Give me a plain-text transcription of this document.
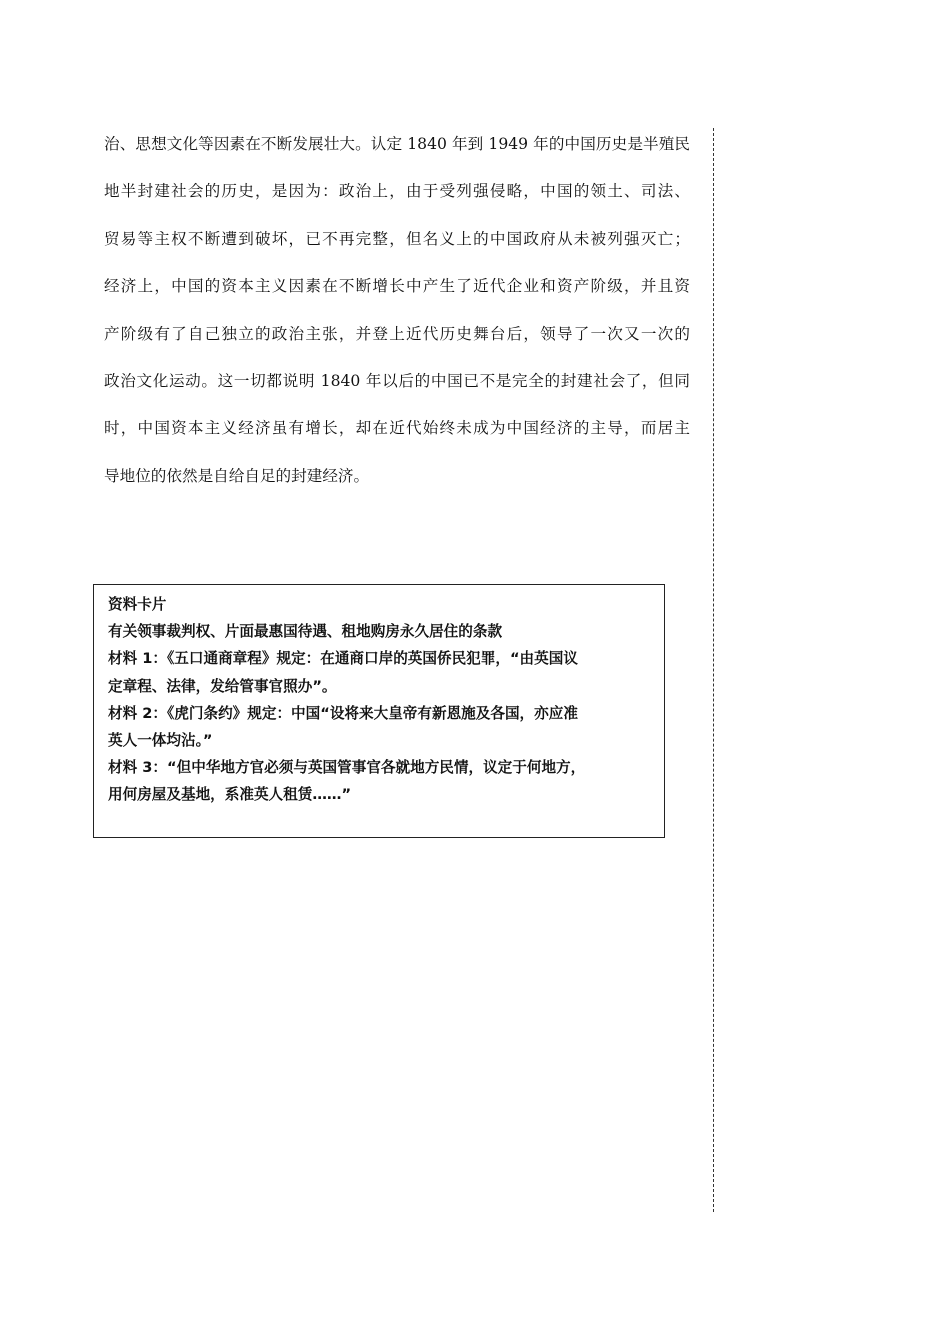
治、思想文化等因素在不断发展壮大。认定 1840 年到 1949 年的中国历史是半殖民
地半封建社会的历史，是因为：政治上，由于受列强侵略，中国的领土、司法、
贸易等主权不断遭到破坏，已不再完整，但名义上的中国政府从未被列强灭亡；
经济上，中国的资本主义因素在不断增长中产生了近代企业和资产阶级，并且资
产阶级有了自己独立的政治主张，并登上近代历史舞台后，领导了一次又一次的
政治文化运动。这一切都说明 1840 年以后的中国已不是完全的封建社会了，但同
时，中国资本主义经济虽有增长，却在近代始终未成为中国经济的主导，而居主
导地位的依然是自给自足的封建经济。
资料卡片
有关领事裁判权、片面最惠国待遇、租地购房永久居住的条款
材料 1：《五口通商章程》规定：在通商口岸的英国侨民犯罪，“由英国议
定章程、法律，发给管事官照办”。
材料 2：《虎门条约》规定：中国“设将来大皇帝有新恩施及各国，亦应准
英人一体均沾。”
材料 3：“但中华地方官必须与英国管事官各就地方民情，议定于何地方，
用何房屋及基地，系准英人租赁……”
